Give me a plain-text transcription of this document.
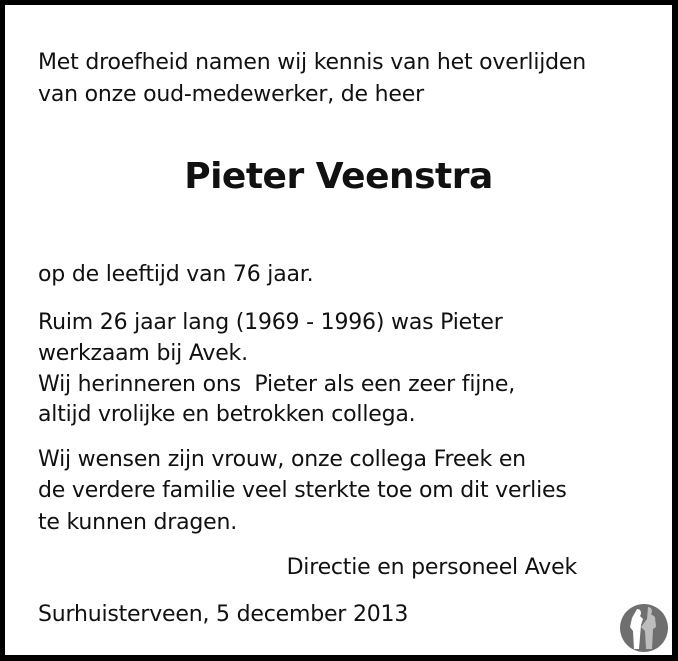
Met droefheid namen wij kennis van het overlijden
van onze oud-medewerker, de heer
Pieter Veenstra
op de leeftijd van 76 jaar.
Ruim 26 jaar lang (1969 - 1996) was Pieter
werkzaam bij Avek.
Wij herinneren ons  Pieter als een zeer fijne,
altijd vrolijke en betrokken collega.
Wij wensen zijn vrouw, onze collega Freek en
de verdere familie veel sterkte toe om dit verlies
te kunnen dragen.
Directie en personeel Avek
Surhuisterveen, 5 december 2013
